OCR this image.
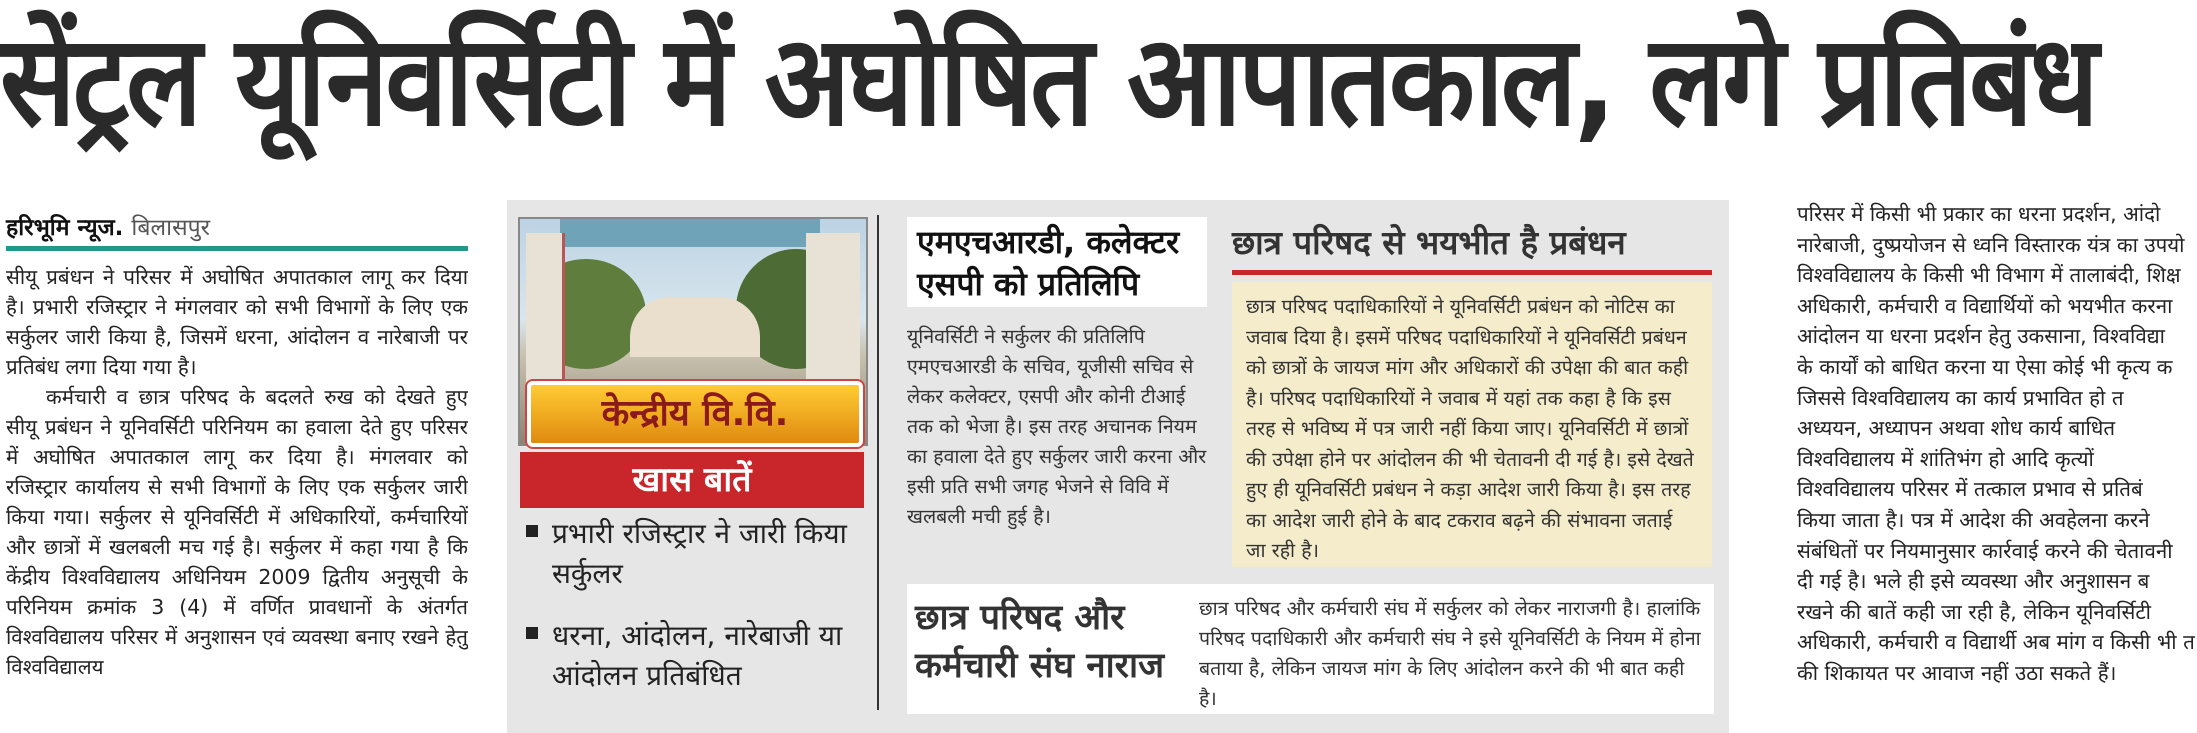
सेंट्रल यूनिवर्सिटी में अघोषित आपातकाल, लगे प्रतिबंध
हरिभूमि न्यूज. बिलासपुर

सीयू प्रबंधन ने परिसर में अघोषित अपातकाल लागू कर दिया है। प्रभारी रजिस्ट्रार ने मंगलवार को सभी विभागों के लिए एक सर्कुलर जारी किया है, जिसमें धरना, आंदोलन व नारेबाजी पर प्रतिबंध लगा दिया गया है।

कर्मचारी व छात्र परिषद के बदलते रुख को देखते हुए सीयू प्रबंधन ने यूनिवर्सिटी परिनियम का हवाला देते हुए परिसर में अघोषित अपातकाल लागू कर दिया है। मंगलवार को रजिस्ट्रार कार्यालय से सभी विभागों के लिए एक सर्कुलर जारी किया गया। सर्कुलर से यूनिवर्सिटी में अधिकारियों, कर्मचारियों और छात्रों में खलबली मच गई है। सर्कुलर में कहा गया है कि केंद्रीय विश्वविद्यालय अधिनियम 2009 द्वितीय अनुसूची के परिनियम क्रमांक 3 (4) में वर्णित प्रावधानों के अंतर्गत विश्वविद्यालय परिसर में अनुशासन एवं व्यवस्था बनाए रखने हेतु विश्वविद्यालय

केन्द्रीय वि.वि.
खास बातें
प्रभारी रजिस्ट्रार ने जारी किया सर्कुलर
धरना, आंदोलन, नारेबाजी या आंदोलन प्रतिबंधित
एमएचआरडी, कलेक्टर एसपी को प्रतिलिपि
यूनिवर्सिटी ने सर्कुलर की प्रतिलिपि एमएचआरडी के सचिव, यूजीसी सचिव से लेकर कलेक्टर, एसपी और कोनी टीआई तक को भेजा है। इस तरह अचानक नियम का हवाला देते हुए सर्कुलर जारी करना और इसी प्रति सभी जगह भेजने से विवि में खलबली मची हुई है।
छात्र परिषद से भयभीत है प्रबंधन
छात्र परिषद पदाधिकारियों ने यूनिवर्सिटी प्रबंधन को नोटिस का जवाब दिया है। इसमें परिषद पदाधिकारियों ने यूनिवर्सिटी प्रबंधन को छात्रों के जायज मांग और अधिकारों की उपेक्षा की बात कही है। परिषद पदाधिकारियों ने जवाब में यहां तक कहा है कि इस तरह से भविष्य में पत्र जारी नहीं किया जाए। यूनिवर्सिटी में छात्रों की उपेक्षा होने पर आंदोलन की भी चेतावनी दी गई है। इसे देखते हुए ही यूनिवर्सिटी प्रबंधन ने कड़ा आदेश जारी किया है। इस तरह का आदेश जारी होने के बाद टकराव बढ़ने की संभावना जताई जा रही है।
छात्र परिषद और कर्मचारी संघ नाराज
छात्र परिषद और कर्मचारी संघ में सर्कुलर को लेकर नाराजगी है। हालांकि परिषद पदाधिकारी और कर्मचारी संघ ने इसे यूनिवर्सिटी के नियम में होना बताया है, लेकिन जायज मांग के लिए आंदोलन करने की भी बात कही है।
परिसर में किसी भी प्रकार का धरना प्रदर्शन, आंदो
नारेबाजी, दुष्प्रयोजन से ध्वनि विस्तारक यंत्र का उपयो
विश्वविद्यालय के किसी भी विभाग में तालाबंदी, शिक्ष
अधिकारी, कर्मचारी व विद्यार्थियों को भयभीत करना
आंदोलन या धरना प्रदर्शन हेतु उकसाना, विश्वविद्या
के कार्यों को बाधित करना या ऐसा कोई भी कृत्य क
जिससे विश्वविद्यालय का कार्य प्रभावित हो त
अध्ययन, अध्यापन अथवा शोध कार्य बाधित
विश्वविद्यालय में शांतिभंग हो आदि कृत्यों
विश्वविद्यालय परिसर में तत्काल प्रभाव से प्रतिबं
किया जाता है। पत्र में आदेश की अवहेलना करने
संबंधितों पर नियमानुसार कार्रवाई करने की चेतावनी
दी गई है। भले ही इसे व्यवस्था और अनुशासन ब
रखने की बातें कही जा रही है, लेकिन यूनिवर्सिटी
अधिकारी, कर्मचारी व विद्यार्थी अब मांग व किसी भी त
की शिकायत पर आवाज नहीं उठा सकते हैं।
